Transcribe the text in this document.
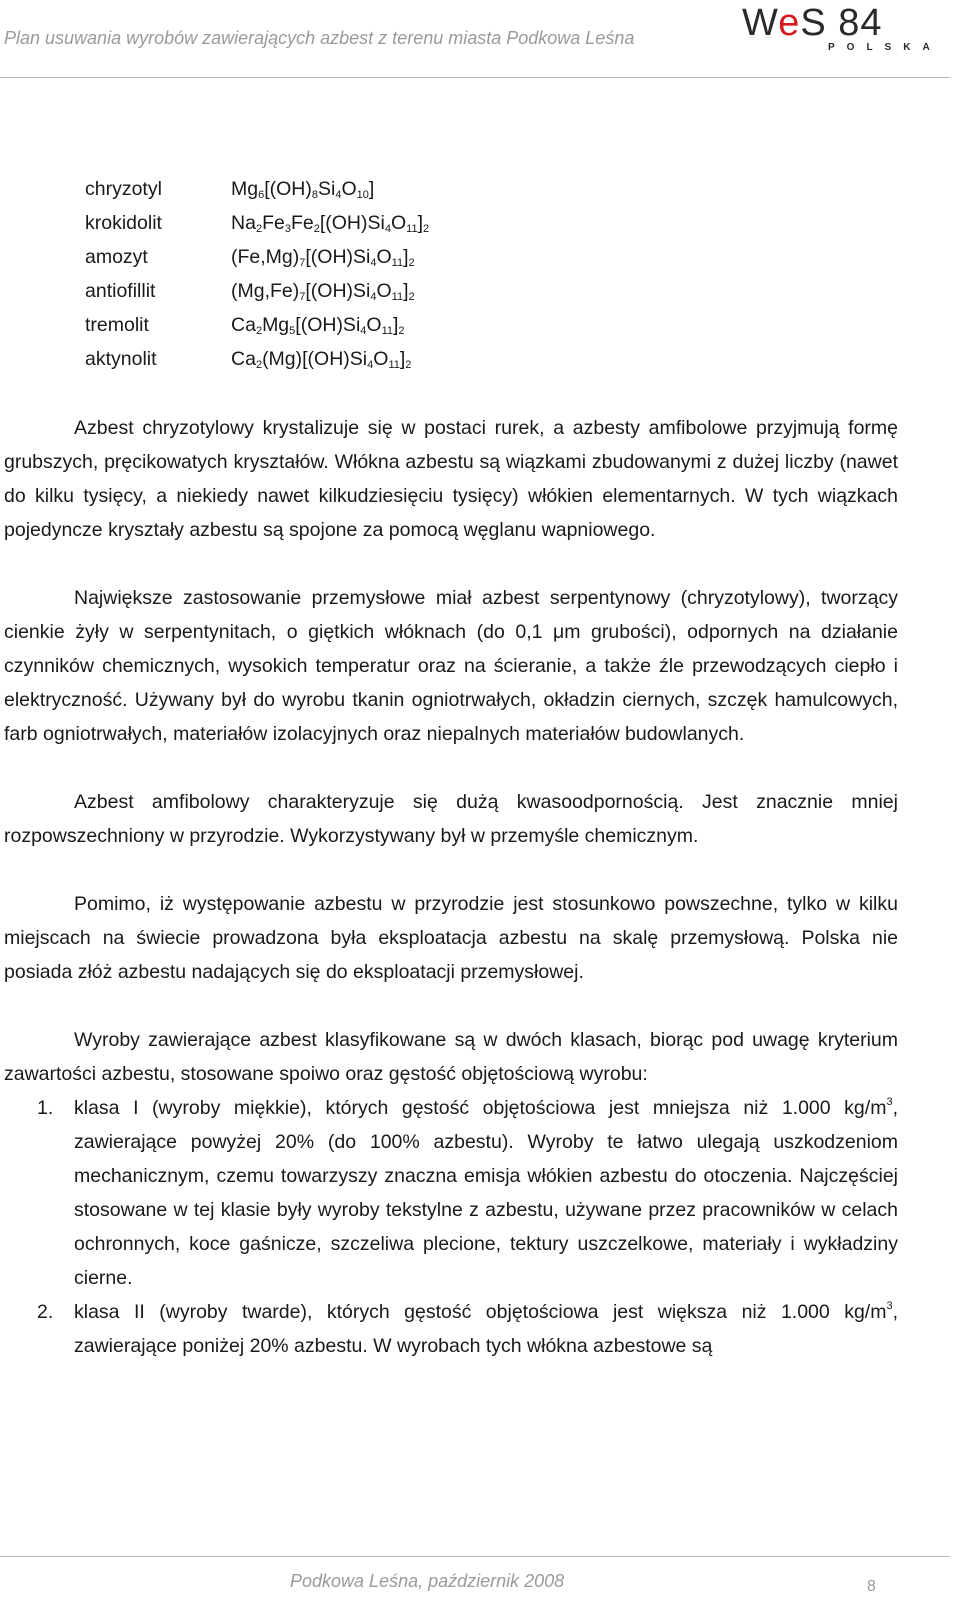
Plan usuwania wyrobów zawierających azbest z terenu miasta Podkowa Leśna	WeS 84
POLSKA
chryzotyl	$Mg_6[(OH)_8Si_4O_{10}]$
krokidolit	$Na_2Fe_3Fe_2[(OH)Si_4O_{11}]_2$
amozyt	$(Fe,Mg)_7[(OH)Si_4O_{11}]_2$
antiofillit	$(Mg,Fe)_7[(OH)Si_4O_{11}]_2$
tremolit	$Ca_2Mg_5[(OH)Si_4O_{11}]_2$
aktynolit	$Ca_2(Mg)[(OH)Si_4O_{11}]_2$

Azbest chryzotylowy krystalizuje się w postaci rurek, a azbesty amfibolowe przyjmują formę grubszych, pręcikowatych kryształów. Włókna azbestu są wiązkami zbudowanymi z dużej liczby (nawet do kilku tysięcy, a niekiedy nawet kilkudziesięciu tysięcy) włókien elementarnych. W tych wiązkach pojedyncze kryształy azbestu są spojone za pomocą węglanu wapniowego.

Największe zastosowanie przemysłowe miał azbest serpentynowy (chryzotylowy), tworzący cienkie żyły w serpentynitach, o giętkich włóknach (do 0,1 μm grubości), odpornych na działanie czynników chemicznych, wysokich temperatur oraz na ścieranie, a także źle przewodzących ciepło i elektryczność. Używany był do wyrobu tkanin ogniotrwałych, okładzin ciernych, szczęk hamulcowych, farb ogniotrwałych, materiałów izolacyjnych oraz niepalnych materiałów budowlanych.

Azbest amfibolowy charakteryzuje się dużą kwasoodpornością. Jest znacznie mniej rozpowszechniony w przyrodzie. Wykorzystywany był w przemyśle chemicznym.

Pomimo, iż występowanie azbestu w przyrodzie jest stosunkowo powszechne, tylko w kilku miejscach na świecie prowadzona była eksploatacja azbestu na skalę przemysłową. Polska nie posiada złóż azbestu nadających się do eksploatacji przemysłowej.

Wyroby zawierające azbest klasyfikowane są w dwóch klasach, biorąc pod uwagę kryterium zawartości azbestu, stosowane spoiwo oraz gęstość objętościową wyrobu:

1. klasa I (wyroby miękkie), których gęstość objętościowa jest mniejsza niż 1.000 $kg/m^3$, zawierające powyżej 20% (do 100% azbestu). Wyroby te łatwo ulegają uszkodzeniom mechanicznym, czemu towarzyszy znaczna emisja włókien azbestu do otoczenia. Najczęściej stosowane w tej klasie były wyroby tekstylne z azbestu, używane przez pracowników w celach ochronnych, koce gaśnicze, szczeliwa plecione, tektury uszczelkowe, materiały i wykładziny cierne.
2. klasa II (wyroby twarde), których gęstość objętościowa jest większa niż 1.000 $kg/m^3$, zawierające poniżej 20% azbestu. W wyrobach tych włókna azbestowe są
Podkowa Leśna, październik 2008	8
